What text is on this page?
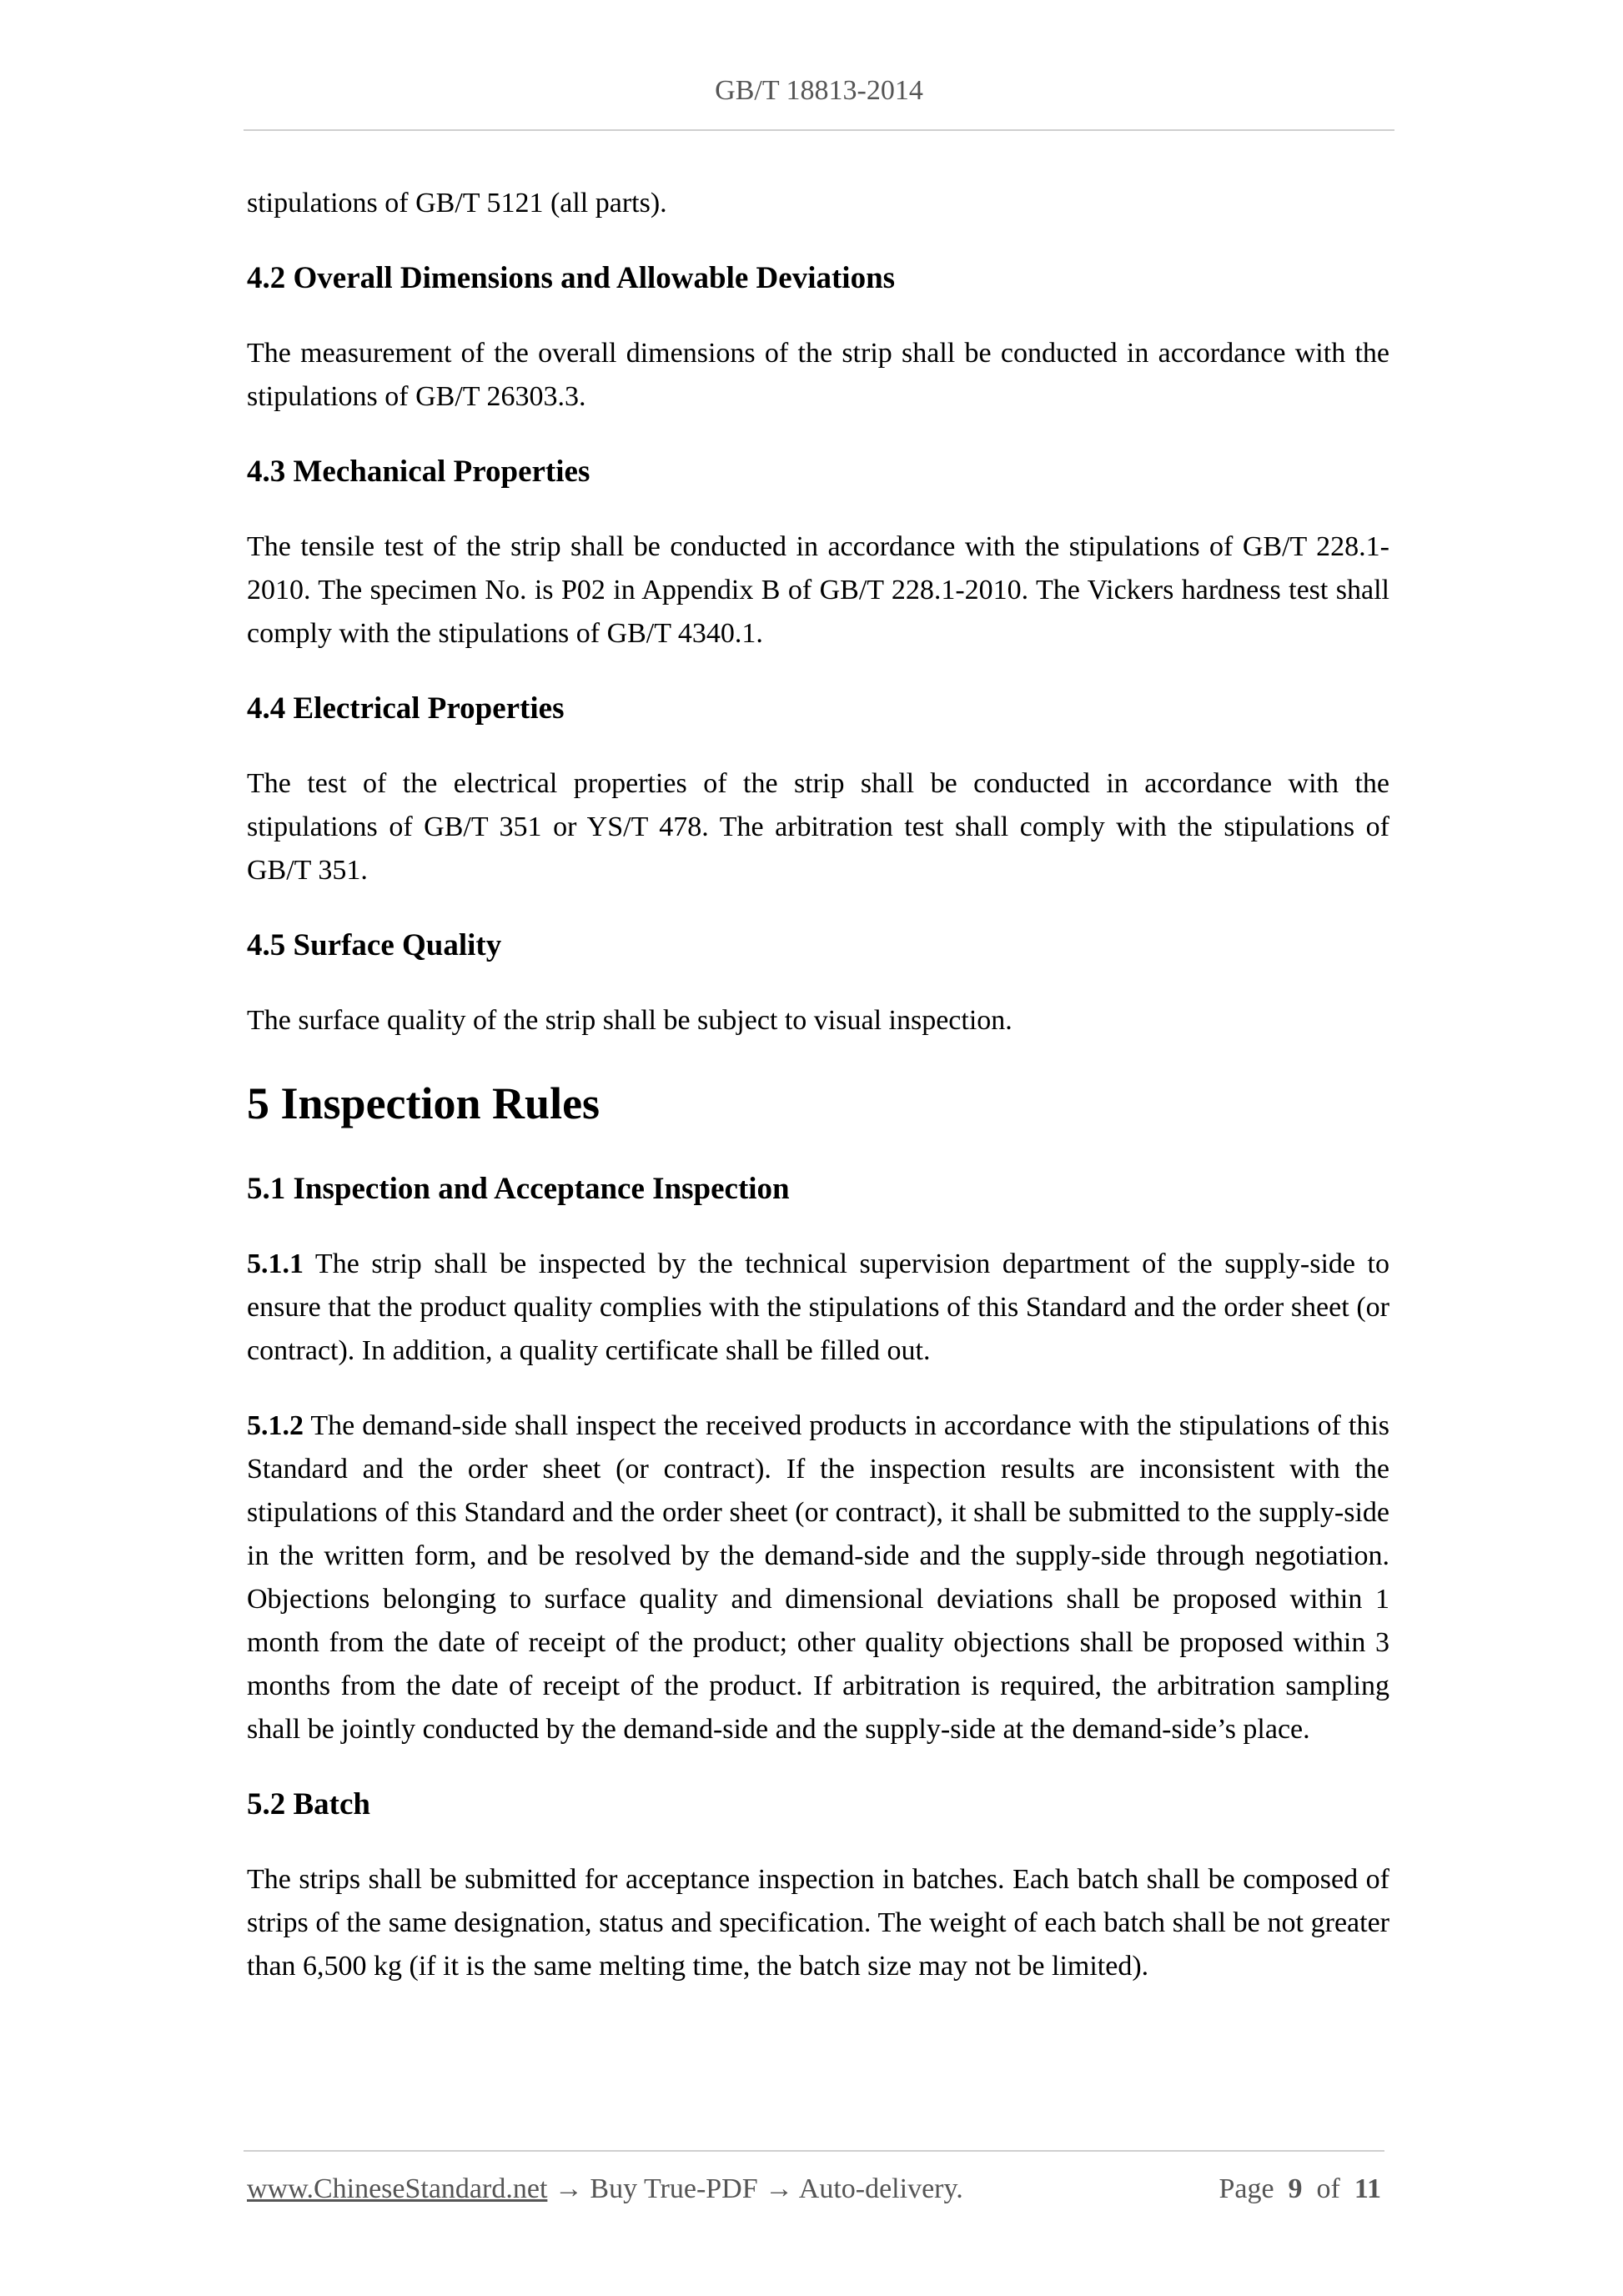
GB/T 18813-2014

stipulations of GB/T 5121 (all parts).

4.2 Overall Dimensions and Allowable Deviations

The measurement of the overall dimensions of the strip shall be conducted in accordance with the stipulations of GB/T 26303.3.

4.3 Mechanical Properties

The tensile test of the strip shall be conducted in accordance with the stipulations of GB/T 228.1-2010. The specimen No. is P02 in Appendix B of GB/T 228.1-2010. The Vickers hardness test shall comply with the stipulations of GB/T 4340.1.

4.4 Electrical Properties

The test of the electrical properties of the strip shall be conducted in accordance with the stipulations of GB/T 351 or YS/T 478. The arbitration test shall comply with the stipulations of GB/T 351.

4.5 Surface Quality

The surface quality of the strip shall be subject to visual inspection.

5 Inspection Rules
5.1 Inspection and Acceptance Inspection

5.1.1 The strip shall be inspected by the technical supervision department of the supply-side to ensure that the product quality complies with the stipulations of this Standard and the order sheet (or contract). In addition, a quality certificate shall be filled out.

5.1.2 The demand-side shall inspect the received products in accordance with the stipulations of this Standard and the order sheet (or contract). If the inspection results are inconsistent with the stipulations of this Standard and the order sheet (or contract), it shall be submitted to the supply-side in the written form, and be resolved by the demand-side and the supply-side through negotiation. Objections belonging to surface quality and dimensional deviations shall be proposed within 1 month from the date of receipt of the product; other quality objections shall be proposed within 3 months from the date of receipt of the product. If arbitration is required, the arbitration sampling shall be jointly conducted by the demand-side and the supply-side at the demand-side’s place.

5.2 Batch

The strips shall be submitted for acceptance inspection in batches. Each batch shall be composed of strips of the same designation, status and specification. The weight of each batch shall be not greater than 6,500 kg (if it is the same melting time, the batch size may not be limited).

www.ChineseStandard.net → Buy True-PDF → Auto-delivery.	Page 9 of 11
